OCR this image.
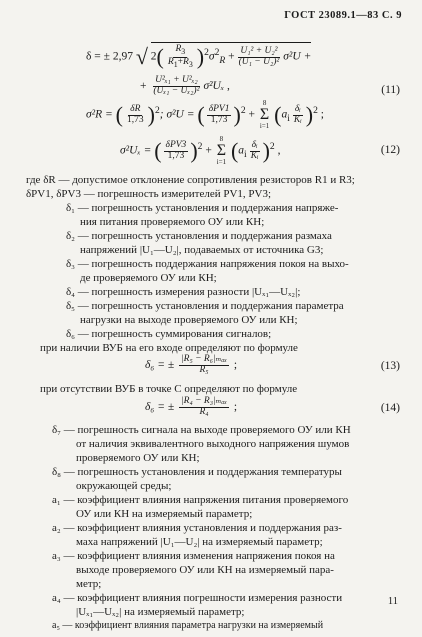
ГОСТ 23089.1—83 С. 9
δ = ± 2,97 √ $2( \frac{R_3}{R_1+R_3} )^2\sigma^2_R + \frac{\text{U₁² + U₂²}}{\text{(U₁ − U₂)²}} \sigma^2U$ +
+ $\frac{\text{U²ₓ₁ + U²ₓ₂}}{\text{(Uₓ₁ − Uₓ₂)²}} \sigma^2U_x$ ,	(11)
σ²R = ( $\frac{\delta R}{1,73} )^2$; σ²U = ( $\frac{\text{δPV1}}{1,73} )^2$ +
8
Σ
i=1 $(a_i \frac{\text{δᵢ}}{\text{Kᵢ}} )^2$ ;
σ²Uₓ = ( $\frac{\text{δPV3}}{1,73} )^2$ +
8
Σ
i=1 $(a_i \frac{\text{δᵢ}}{\text{Kᵢ}} )^2$ ,	(12)
где δR — допустимое отклонение сопротивления резисторов R1 и R3;
δPV1, δPV3 — погрешность измерителей PV1, PV3;
δ₁ — погрешность установления и поддержания напряже-
ния питания проверяемого ОУ или КН;
δ₂ — погрешность установления и поддержания размаха
напряжений |U₁—U₂|, подаваемых от источника G3;
δ₃ — погрешность поддержания напряжения покоя на выхо-
де проверяемого ОУ или КН;
δ₄ — погрешность измерения разности |Uₓ₁—Uₓ₂|;
δ₅ — погрешность установления и поддержания параметра
нагрузки на выходе проверяемого ОУ или КН;
δ₆ — погрешность суммирования сигналов;
при наличии ВУБ на его входе определяют по формуле
δ₆ = ± $\frac{\text{|R₅ − R₆|ₘₐₓ}}{\text{R₅}}$ ;	(13)
при отсутствии ВУБ в точке С определяют по формуле
δ₆ = ± $\frac{\text{|R₄ − R₃|ₘₐₓ}}{\text{R₄}}$ ;	(14)
δ₇ — погрешность сигнала на выходе проверяемого ОУ или КН
от наличия эквивалентного выходного напряжения шумов
проверяемого ОУ или КН;
δ₈ — погрешность установления и поддержания температуры
окружающей среды;
a₁ — коэффициент влияния напряжения питания проверяемого
ОУ или КН на измеряемый параметр;
a₂ — коэффициент влияния установления и поддержания раз-
маха напряжений |U₁—U₂| на измеряемый параметр;
a₃ — коэффициент влияния изменения напряжения покоя на
выходе проверяемого ОУ или КН на измеряемый пара-
метр;
a₄ — коэффициент влияния погрешности измерения разности
|Uₓ₁—Uₓ₂| на измеряемый параметр;
a₅ — коэффициент влияния параметра нагрузки на измеряемый
11
